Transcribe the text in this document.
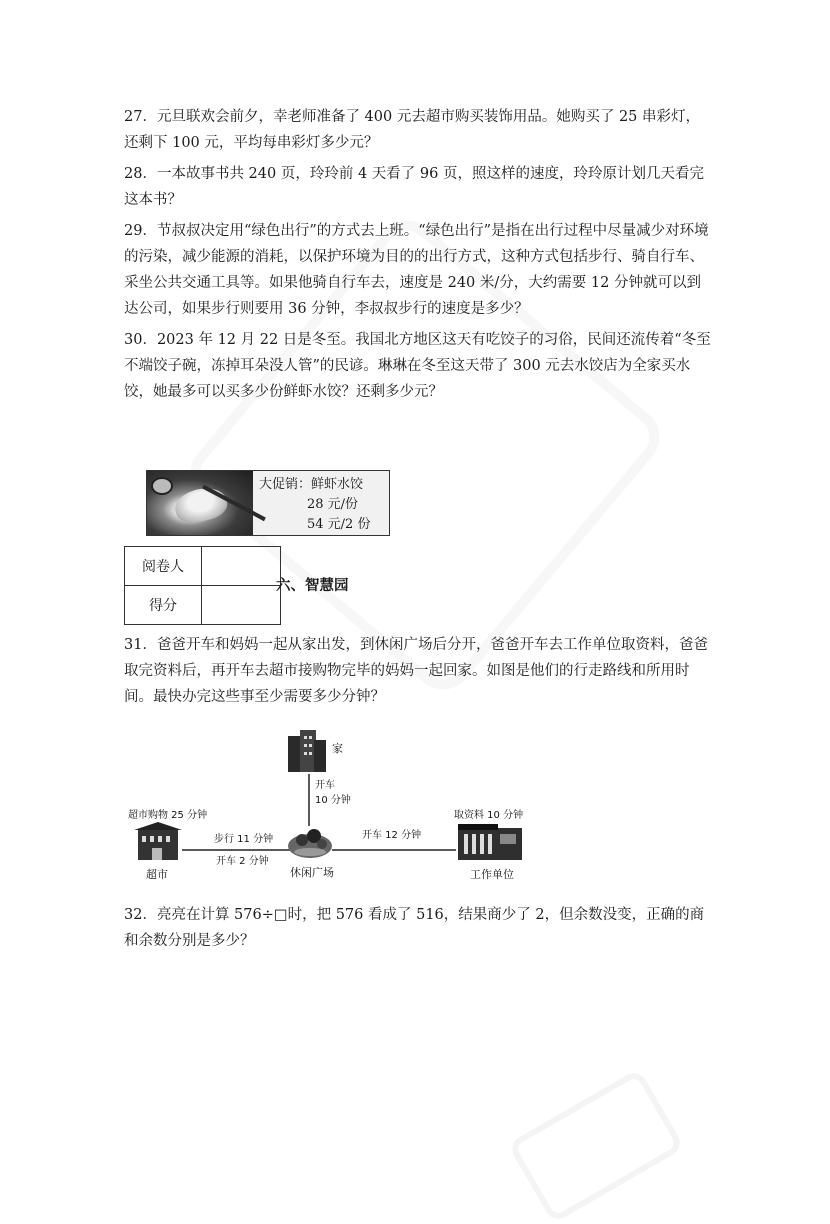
27．元旦联欢会前夕，幸老师准备了 400 元去超市购买装饰用品。她购买了 25 串彩灯，还剩下 100 元，平均每串彩灯多少元？

28．一本故事书共 240 页，玲玲前 4 天看了 96 页，照这样的速度，玲玲原计划几天看完这本书？

29．节叔叔决定用“绿色出行”的方式去上班。“绿色出行”是指在出行过程中尽量减少对环境的污染，减少能源的消耗，以保护环境为目的的出行方式，这种方式包括步行、骑自行车、采坐公共交通工具等。如果他骑自行车去，速度是 240 米/分，大约需要 12 分钟就可以到达公司，如果步行则要用 36 分钟，李叔叔步行的速度是多少？

30．2023 年 12 月 22 日是冬至。我国北方地区这天有吃饺子的习俗，民间还流传着“冬至不端饺子碗，冻掉耳朵没人管”的民谚。琳琳在冬至这天带了 300 元去水饺店为全家买水饺，她最多可以买多少份鲜虾水饺？还剩多少元？

大促销：鲜虾水饺
28 元/份
54 元/2 份
阅卷人	
得分	
六、智慧园

31．爸爸开车和妈妈一起从家出发，到休闲广场后分开，爸爸开车去工作单位取资料，爸爸取完资料后，再开车去超市接购物完毕的妈妈一起回家。如图是他们的行走路线和所用时间。最快办完这些事至少需要多少分钟？

家
开车
10 分钟
超市购物 25 分钟
超市
步行 11 分钟
开车 2 分钟
休闲广场
开车 12 分钟
取资料 10 分钟
工作单位

32．亮亮在计算 576÷□时，把 576 看成了 516，结果商少了 2，但余数没变，正确的商和余数分别是多少？
